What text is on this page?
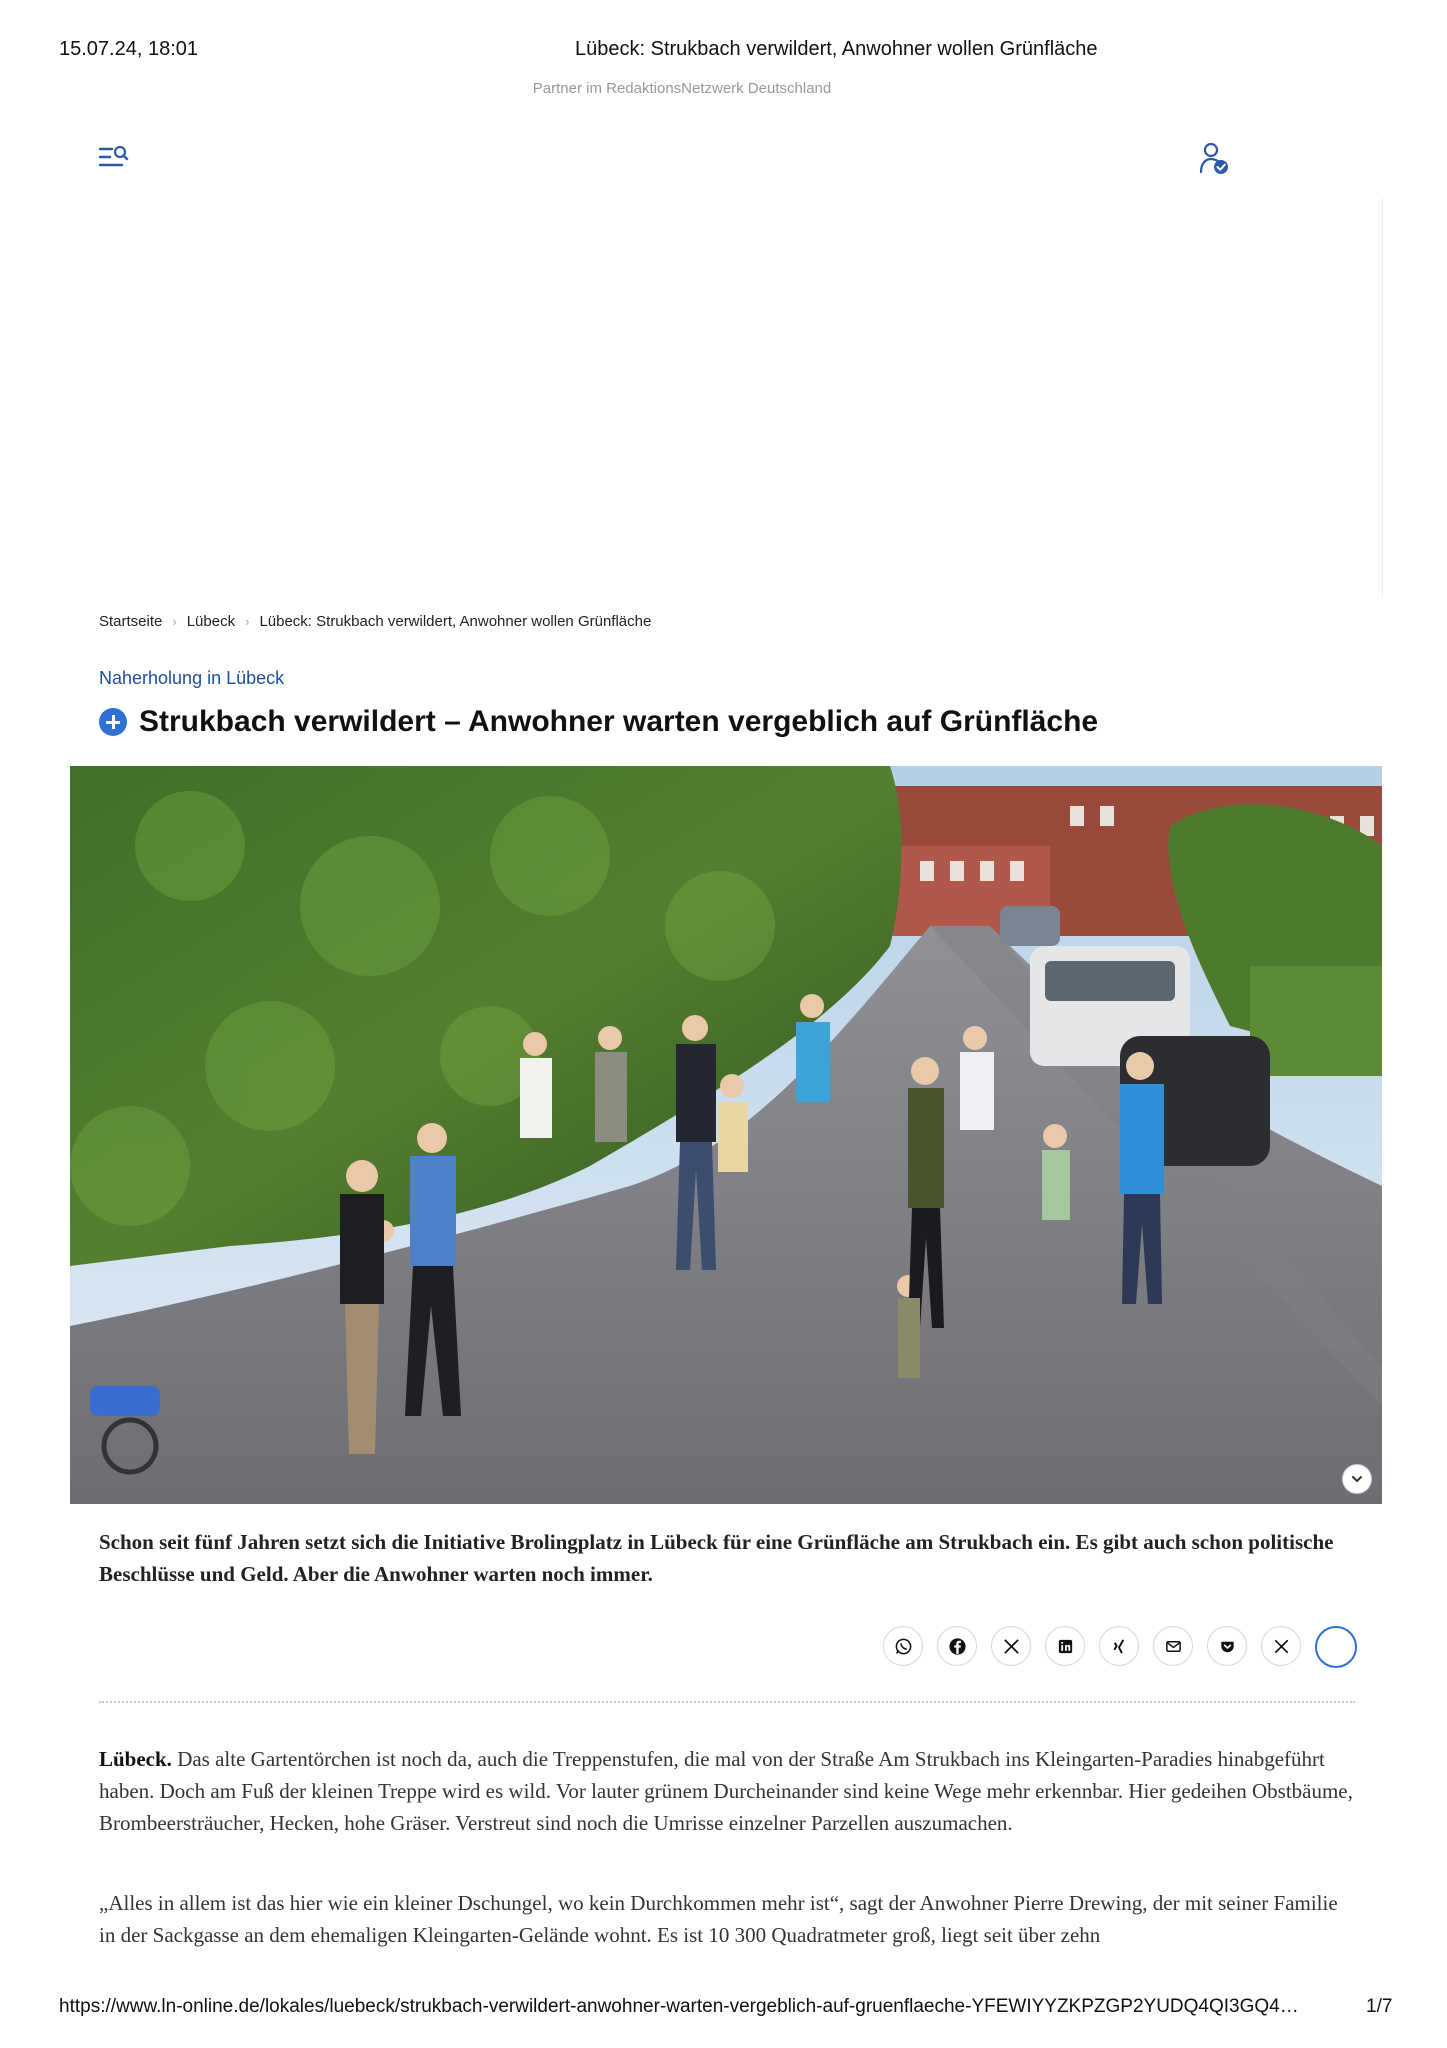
15.07.24, 18:01	Lübeck: Strukbach verwildert, Anwohner wollen Grünfläche
Partner im RedaktionsNetzwerk Deutschland
Startseite › Lübeck › Lübeck: Strukbach verwildert, Anwohner wollen Grünfläche
Naherholung in Lübeck
Strukbach verwildert – Anwohner warten vergeblich auf Grünfläche

Schon seit fünf Jahren setzt sich die Initiative Brolingplatz in Lübeck für eine Grünfläche am Strukbach ein. Es gibt auch schon politische Beschlüsse und Geld. Aber die Anwohner warten noch immer.

Lübeck. Das alte Gartentörchen ist noch da, auch die Treppenstufen, die mal von der Straße Am Strukbach ins Kleingarten-Paradies hinabgeführt haben. Doch am Fuß der kleinen Treppe wird es wild. Vor lauter grünem Durcheinander sind keine Wege mehr erkennbar. Hier gedeihen Obstbäume, Brombeersträucher, Hecken, hohe Gräser. Verstreut sind noch die Umrisse einzelner Parzellen auszumachen.

„Alles in allem ist das hier wie ein kleiner Dschungel, wo kein Durchkommen mehr ist“, sagt der Anwohner Pierre Drewing, der mit seiner Familie in der Sackgasse an dem ehemaligen Kleingarten-Gelände wohnt. Es ist 10 300 Quadratmeter groß, liegt seit über zehn

https://www.ln-online.de/lokales/luebeck/strukbach-verwildert-anwohner-warten-vergeblich-auf-gruenflaeche-YFEWIYYZKPZGP2YUDQ4QI3GQ4…	1/7
